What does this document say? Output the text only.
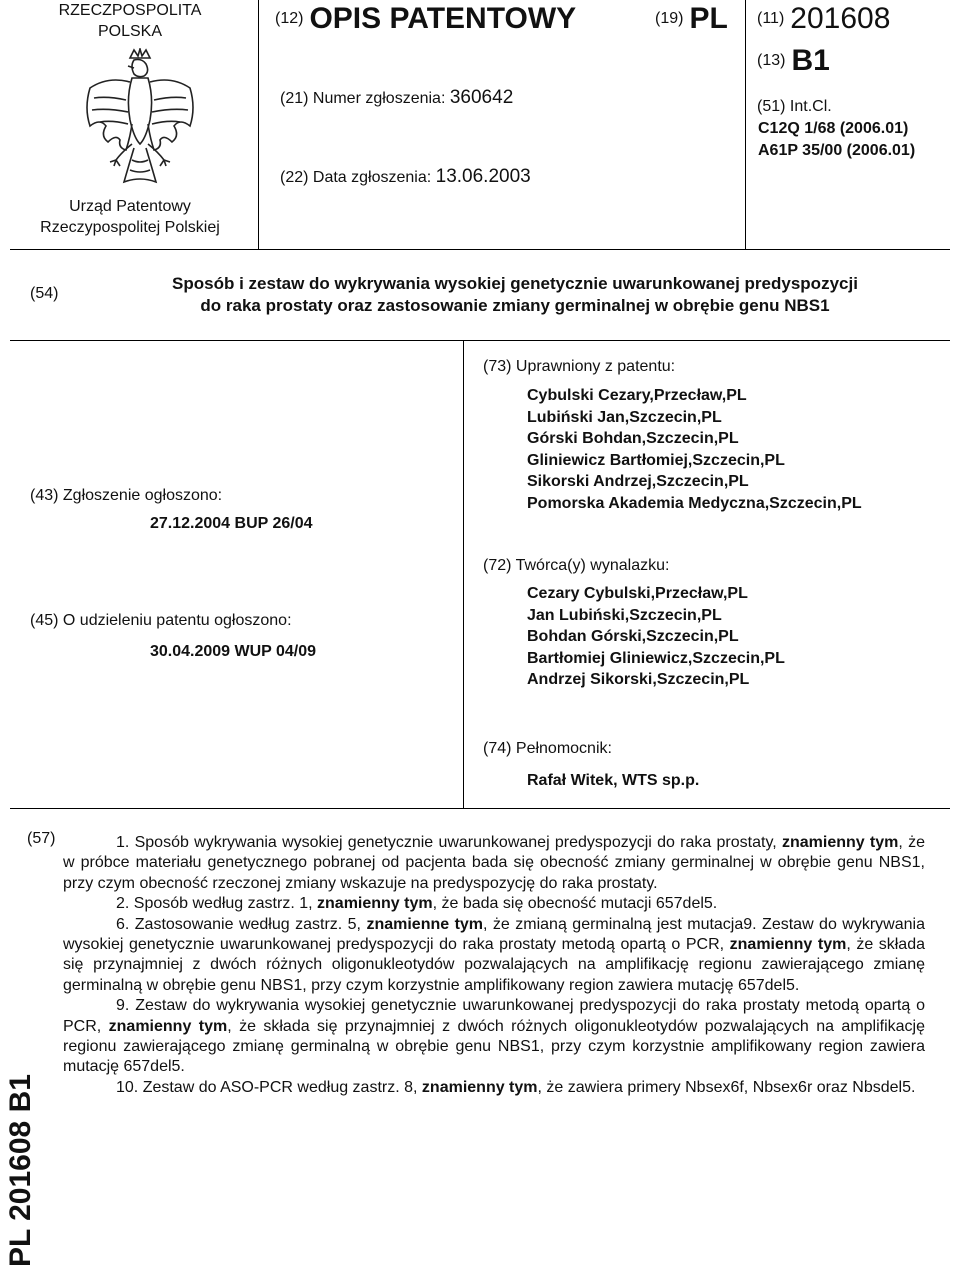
RZECZPOSPOLITA
POLSKA
Urząd Patentowy
Rzeczypospolitej Polskiej
(12) OPIS PATENTOWY	(19) PL
(21) Numer zgłoszenia: 360642
(22) Data zgłoszenia: 13.06.2003
(11) 201608
(13) B1
(51) Int.Cl.
C12Q 1/68 (2006.01)
A61P 35/00 (2006.01)
(54)
Sposób i zestaw do wykrywania wysokiej genetycznie uwarunkowanej predyspozycji
do raka prostaty oraz zastosowanie zmiany germinalnej w obrębie genu NBS1
(43) Zgłoszenie ogłoszono:
27.12.2004 BUP 26/04
(45) O udzieleniu patentu ogłoszono:
30.04.2009 WUP 04/09
(73) Uprawniony z patentu:
Cybulski Cezary,Przecław,PL
Lubiński Jan,Szczecin,PL
Górski Bohdan,Szczecin,PL
Gliniewicz Bartłomiej,Szczecin,PL
Sikorski Andrzej,Szczecin,PL
Pomorska Akademia Medyczna,Szczecin,PL
(72) Twórca(y) wynalazku:
Cezary Cybulski,Przecław,PL
Jan Lubiński,Szczecin,PL
Bohdan Górski,Szczecin,PL
Bartłomiej Gliniewicz,Szczecin,PL
Andrzej Sikorski,Szczecin,PL
(74) Pełnomocnik:
Rafał Witek, WTS sp.p.
(57)	1. Sposób wykrywania wysokiej genetycznie uwarunkowanej predyspozycji do raka prostaty, znamienny tym, że w próbce materiału genetycznego pobranej od pacjenta bada się obecność zmiany germinalnej w obrębie genu NBS1, przy czym obecność rzeczonej zmiany wskazuje na predyspozycję do raka prostaty.

2. Sposób według zastrz. 1, znamienny tym, że bada się obecność mutacji 657del5.

6. Zastosowanie według zastrz. 5, znamienne tym, że zmianą germinalną jest mutacja9. Zestaw do wykrywania wysokiej genetycznie uwarunkowanej predyspozycji do raka prostaty metodą opartą o PCR, znamienny tym, że składa się przynajmniej z dwóch różnych oligonukleotydów pozwalających na amplifikację regionu zawierającego zmianę germinalną w obrębie genu NBS1, przy czym korzystnie amplifikowany region zawiera mutację 657del5.

9. Zestaw do wykrywania wysokiej genetycznie uwarunkowanej predyspozycji do raka prostaty metodą opartą o PCR, znamienny tym, że składa się przynajmniej z dwóch różnych oligonukleotydów pozwalających na amplifikację regionu zawierającego zmianę germinalną w obrębie genu NBS1, przy czym korzystnie amplifikowany region zawiera mutację 657del5.

10. Zestaw do ASO-PCR według zastrz. 8, znamienny tym, że zawiera primery Nbsex6f, Nbsex6r oraz Nbsdel5.

PL 201608 B1
